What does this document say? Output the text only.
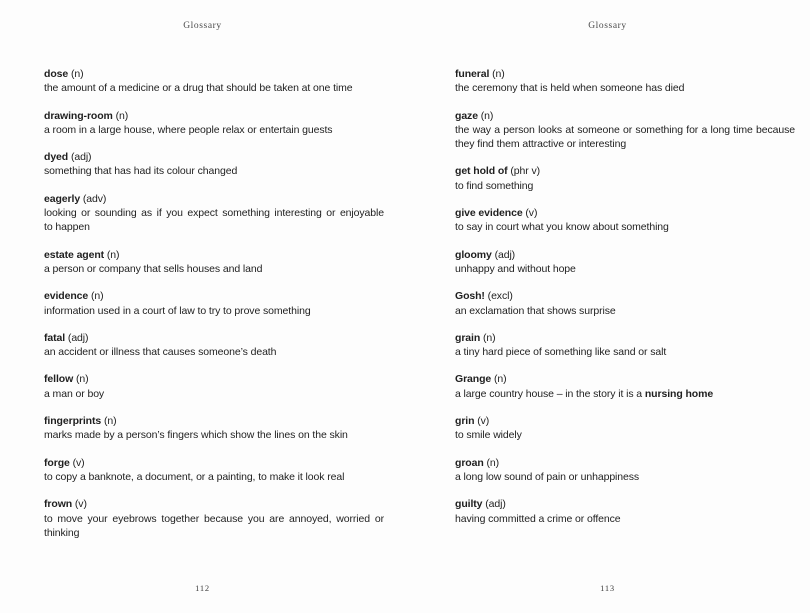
Glossary
dose (n)
the amount of a medicine or a drug that should be taken at one time
drawing-room (n)
a room in a large house, where people relax or entertain guests
dyed (adj)
something that has had its colour changed
eagerly (adv)
looking or sounding as if you expect something interesting or enjoyable
to happen
estate agent (n)
a person or company that sells houses and land
evidence (n)
information used in a court of law to try to prove something
fatal (adj)
an accident or illness that causes someone’s death
fellow (n)
a man or boy
fingerprints (n)
marks made by a person’s fingers which show the lines on the skin
forge (v)
to copy a banknote, a document, or a painting, to make it look real
frown (v)
to move your eyebrows together because you are annoyed, worried or
thinking
112
Glossary
funeral (n)
the ceremony that is held when someone has died
gaze (n)
the way a person looks at someone or something for a long time because
they find them attractive or interesting
get hold of (phr v)
to find something
give evidence (v)
to say in court what you know about something
gloomy (adj)
unhappy and without hope
Gosh! (excl)
an exclamation that shows surprise
grain (n)
a tiny hard piece of something like sand or salt
Grange (n)
a large country house – in the story it is a nursing home
grin (v)
to smile widely
groan (n)
a long low sound of pain or unhappiness
guilty (adj)
having committed a crime or offence
113
